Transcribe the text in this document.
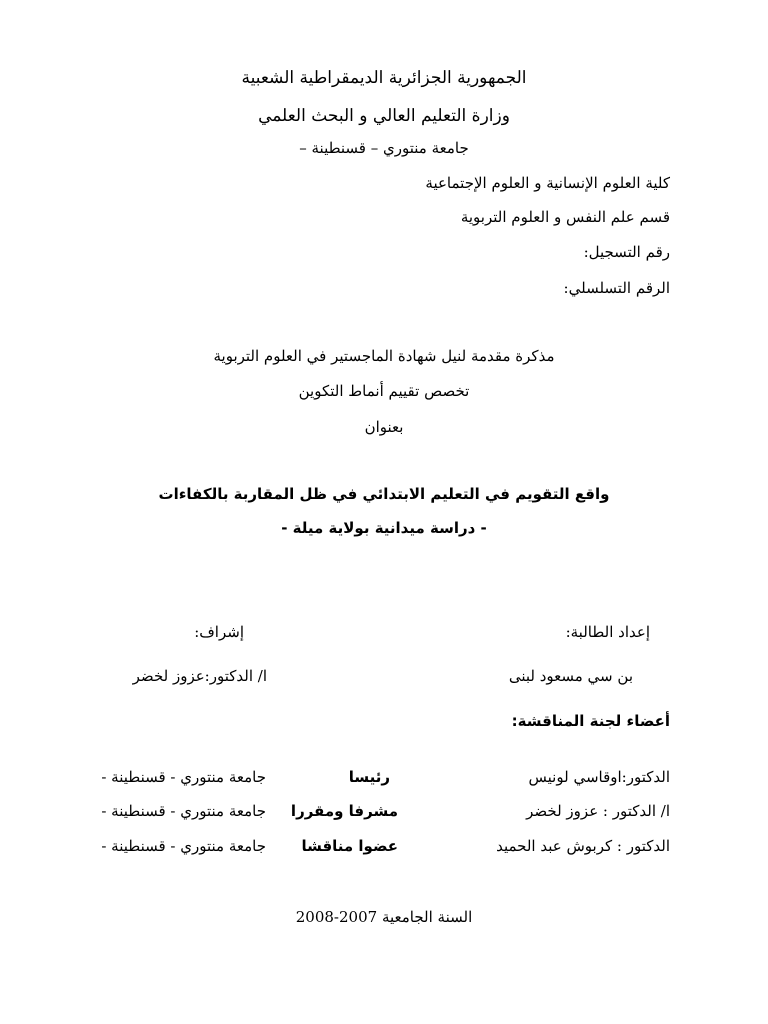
الجمهورية الجزائرية الديمقراطية الشعبية
وزارة التعليم العالي و البحث العلمي
جامعة منتوري – قسنطينة –
كلية العلوم الإنسانية و العلوم الإجتماعية
قسم علم النفس و العلوم التربوية
رقم التسجيل:
الرقم التسلسلي:
مذكرة مقدمة لنيل شهادة الماجستير في العلوم التربوية
تخصص تقييم أنماط التكوين
بعنوان
واقع التقويم في التعليم الابتدائي في ظل المقاربة بالكفاءات
- دراسة ميدانية بولاية ميلة -
إعداد الطالبة:
إشراف:
بن سي مسعود لبنى
ا/ الدكتور:عزوز لخضر
أعضاء لجنة المناقشة:
الدكتور:اوقاسي لونيس
رئيسا
جامعة منتوري - قسنطينة -
ا/ الدكتور : عزوز لخضر
مشرفا ومقررا
جامعة منتوري - قسنطينة -
الدكتور : كربوش عبد الحميد
عضوا مناقشا
جامعة منتوري - قسنطينة -
السنة الجامعية 2007-2008
